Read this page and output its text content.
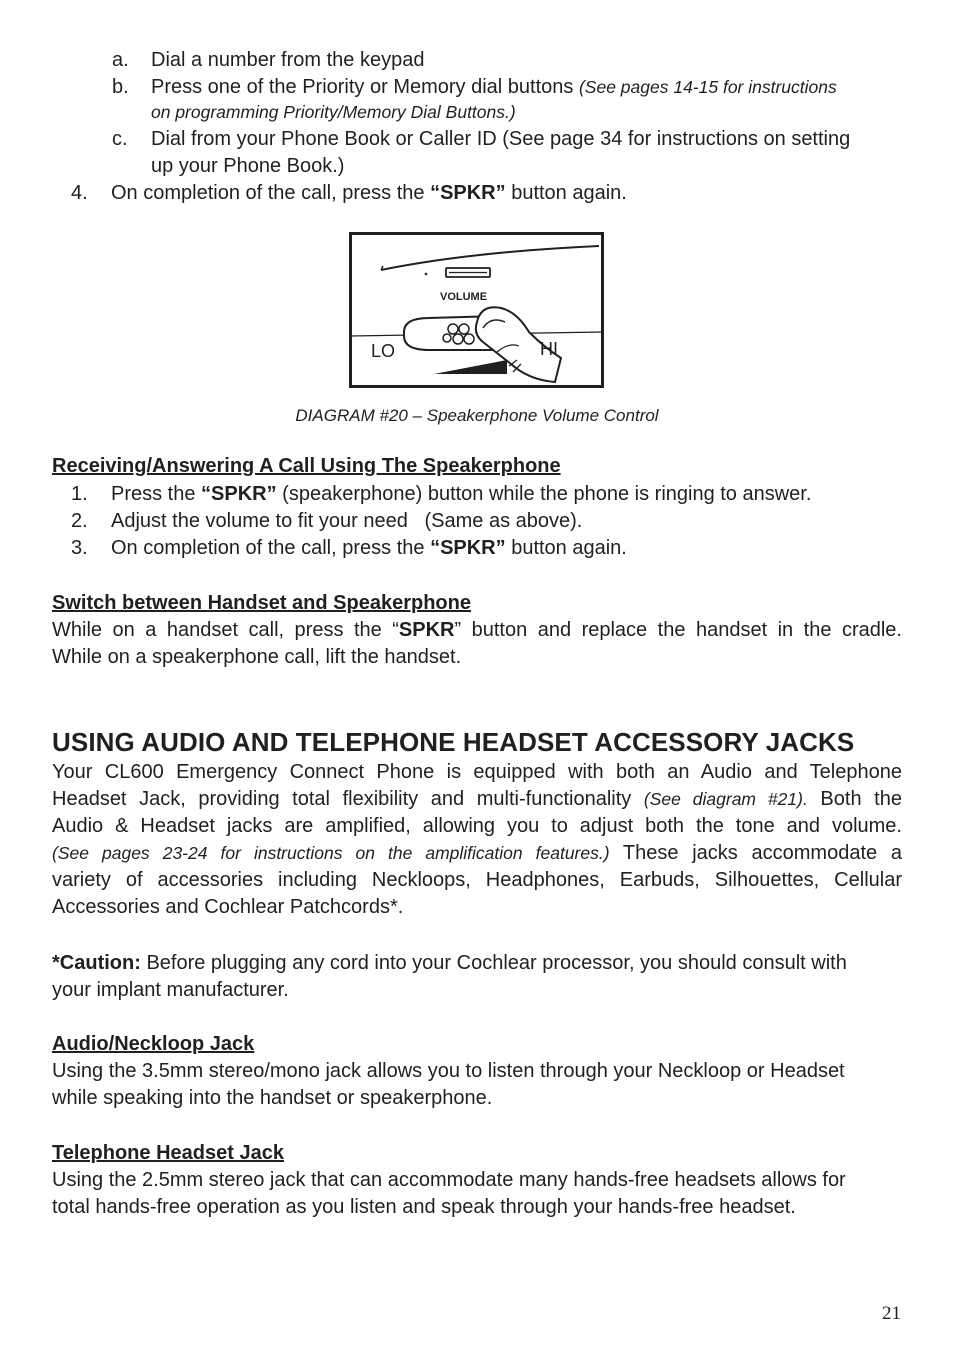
a. Dial a number from the keypad
b. Press one of the Priority or Memory dial buttons (See pages 14-15 for instructions
on programming Priority/Memory Dial Buttons.)
c. Dial from your Phone Book or Caller ID (See page 34 for instructions on setting
up your Phone Book.)
4. On completion of the call, press the “SPKR” button again.
LO	HI
VOLUME
DIAGRAM #20 – Speakerphone Volume Control
Receiving/Answering A Call Using The Speakerphone
1. Press the “SPKR” (speakerphone) button while the phone is ringing to answer.
2. Adjust the volume to fit your need   (Same as above).
3. On completion of the call, press the “SPKR” button again.
Switch between Handset and Speakerphone
While on a handset call, press the “SPKR” button and replace the handset in the cradle.
While on a speakerphone call, lift the handset.
USING AUDIO AND TELEPHONE HEADSET ACCESSORY JACKS
Your CL600 Emergency Connect Phone is equipped with both an Audio and Telephone
Headset Jack, providing total flexibility and multi-functionality (See diagram #21). Both the
Audio & Headset jacks are amplified, allowing you to adjust both the tone and volume.
(See pages 23-24 for instructions on the amplification features.) These jacks accommodate a
variety of accessories including Neckloops, Headphones, Earbuds, Silhouettes, Cellular
Accessories and Cochlear Patchcords*.
*Caution: Before plugging any cord into your Cochlear processor, you should consult with
your implant manufacturer.
Audio/Neckloop Jack
Using the 3.5mm stereo/mono jack allows you to listen through your Neckloop or Headset
while speaking into the handset or speakerphone.
Telephone Headset Jack
Using the 2.5mm stereo jack that can accommodate many hands-free headsets allows for
total hands-free operation as you listen and speak through your hands-free headset.
21
